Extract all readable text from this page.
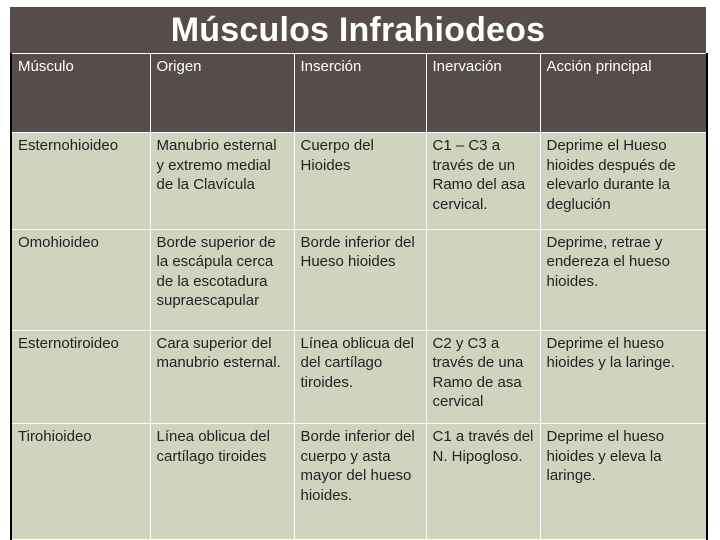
Músculos Infrahiodeos
Músculo	Origen	Inserción	Inervación	Acción principal
Esternohioideo	Manubrio esternal y extremo medial de la Clavícula	Cuerpo del Hioides	C1 – C3 a través de un Ramo del asa cervical.	Deprime el Hueso hioides después de elevarlo durante la deglución
Omohioideo	Borde superior de la escápula cerca de la escotadura supraescapular	Borde inferior del Hueso hioides		Deprime, retrae y endereza el hueso hioides.
Esternotiroideo	Cara superior del manubrio esternal.	Línea oblicua del del cartílago tiroides.	C2 y C3 a través de una Ramo de asa cervical	Deprime el hueso hioides y la laringe.
Tirohioideo	Línea oblicua del cartílago tiroides	Borde inferior del cuerpo y asta mayor del hueso hioides.	C1 a través del N. Hipogloso.	Deprime el hueso hioides y eleva la laringe.
